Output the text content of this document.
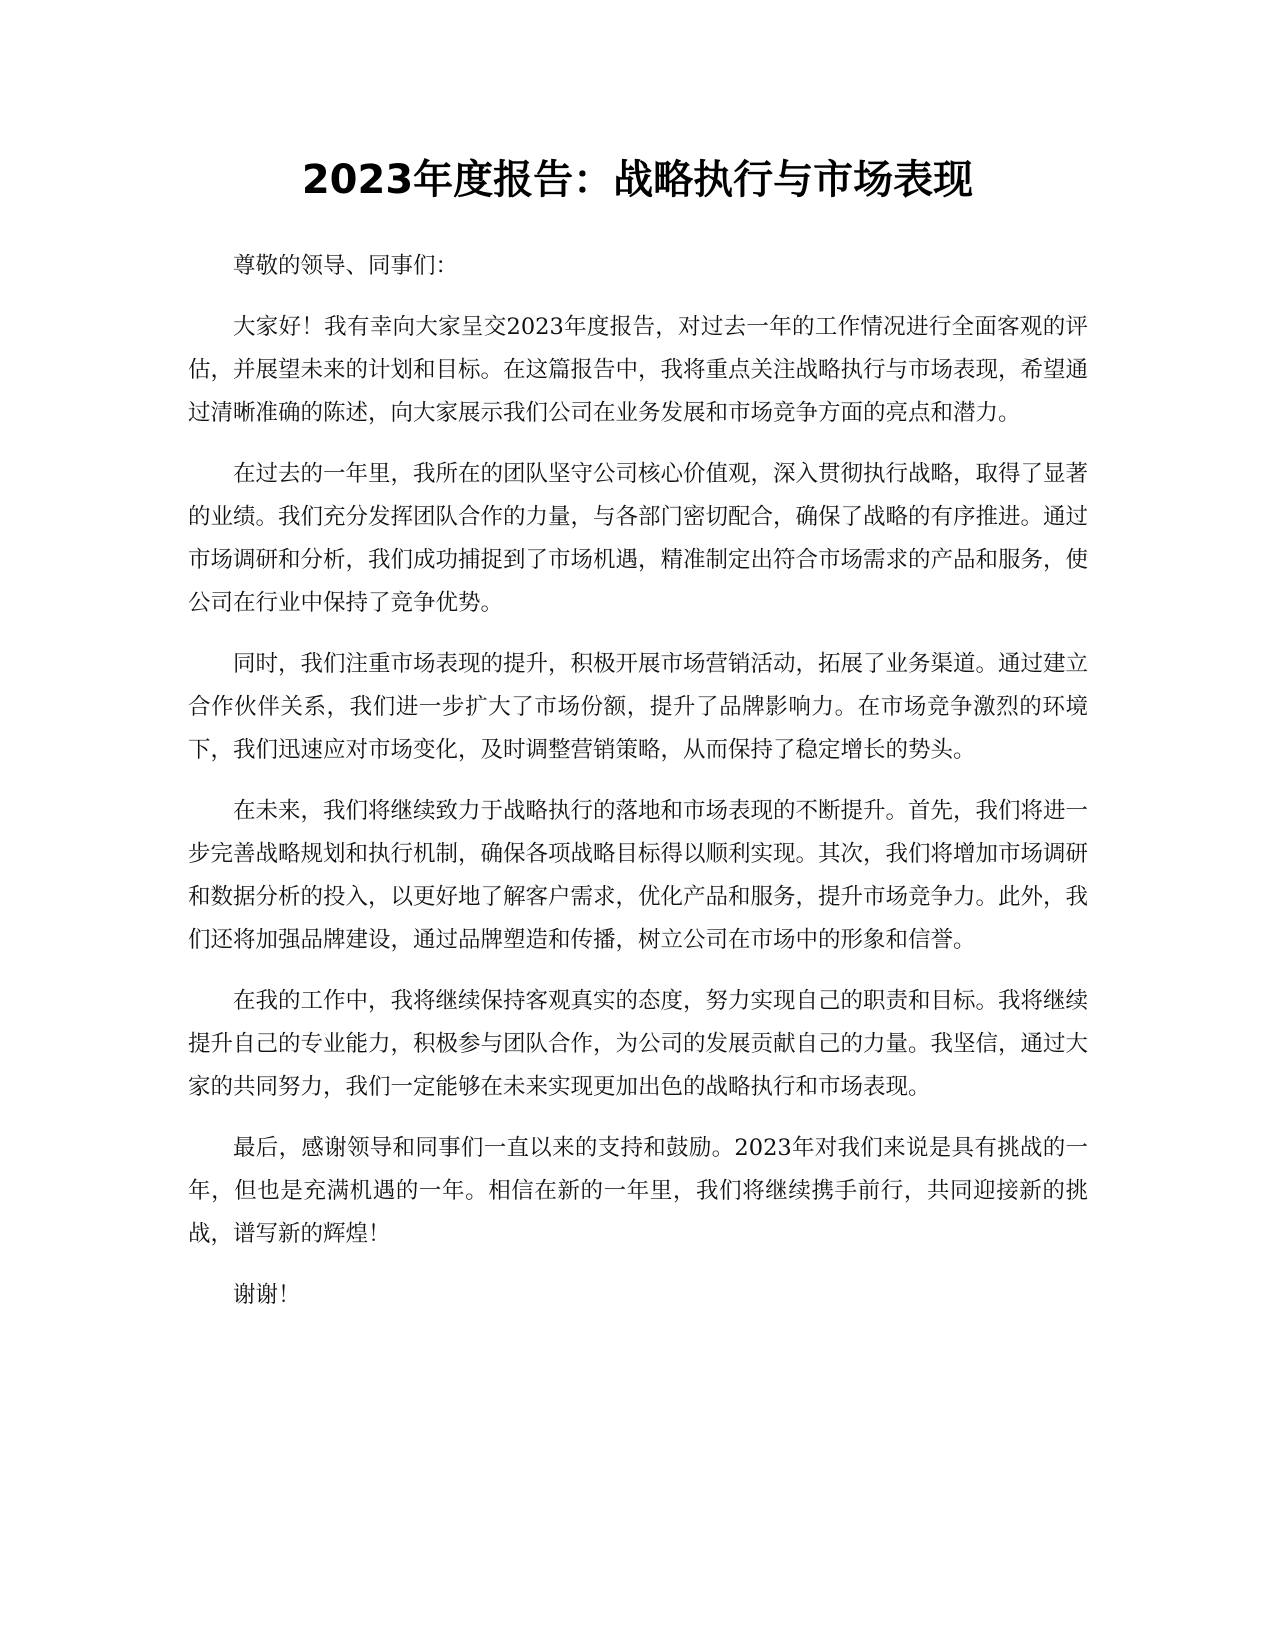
2023年度报告：战略执行与市场表现

尊敬的领导、同事们：

大家好！我有幸向大家呈交2023年度报告，对过去一年的工作情况进行全面客观的评估，并展望未来的计划和目标。在这篇报告中，我将重点关注战略执行与市场表现，希望通过清晰准确的陈述，向大家展示我们公司在业务发展和市场竞争方面的亮点和潜力。

在过去的一年里，我所在的团队坚守公司核心价值观，深入贯彻执行战略，取得了显著的业绩。我们充分发挥团队合作的力量，与各部门密切配合，确保了战略的有序推进。通过市场调研和分析，我们成功捕捉到了市场机遇，精准制定出符合市场需求的产品和服务，使公司在行业中保持了竞争优势。

同时，我们注重市场表现的提升，积极开展市场营销活动，拓展了业务渠道。通过建立合作伙伴关系，我们进一步扩大了市场份额，提升了品牌影响力。在市场竞争激烈的环境下，我们迅速应对市场变化，及时调整营销策略，从而保持了稳定增长的势头。

在未来，我们将继续致力于战略执行的落地和市场表现的不断提升。首先，我们将进一步完善战略规划和执行机制，确保各项战略目标得以顺利实现。其次，我们将增加市场调研和数据分析的投入，以更好地了解客户需求，优化产品和服务，提升市场竞争力。此外，我们还将加强品牌建设，通过品牌塑造和传播，树立公司在市场中的形象和信誉。

在我的工作中，我将继续保持客观真实的态度，努力实现自己的职责和目标。我将继续提升自己的专业能力，积极参与团队合作，为公司的发展贡献自己的力量。我坚信，通过大家的共同努力，我们一定能够在未来实现更加出色的战略执行和市场表现。

最后，感谢领导和同事们一直以来的支持和鼓励。2023年对我们来说是具有挑战的一年，但也是充满机遇的一年。相信在新的一年里，我们将继续携手前行，共同迎接新的挑战，谱写新的辉煌！

谢谢！
